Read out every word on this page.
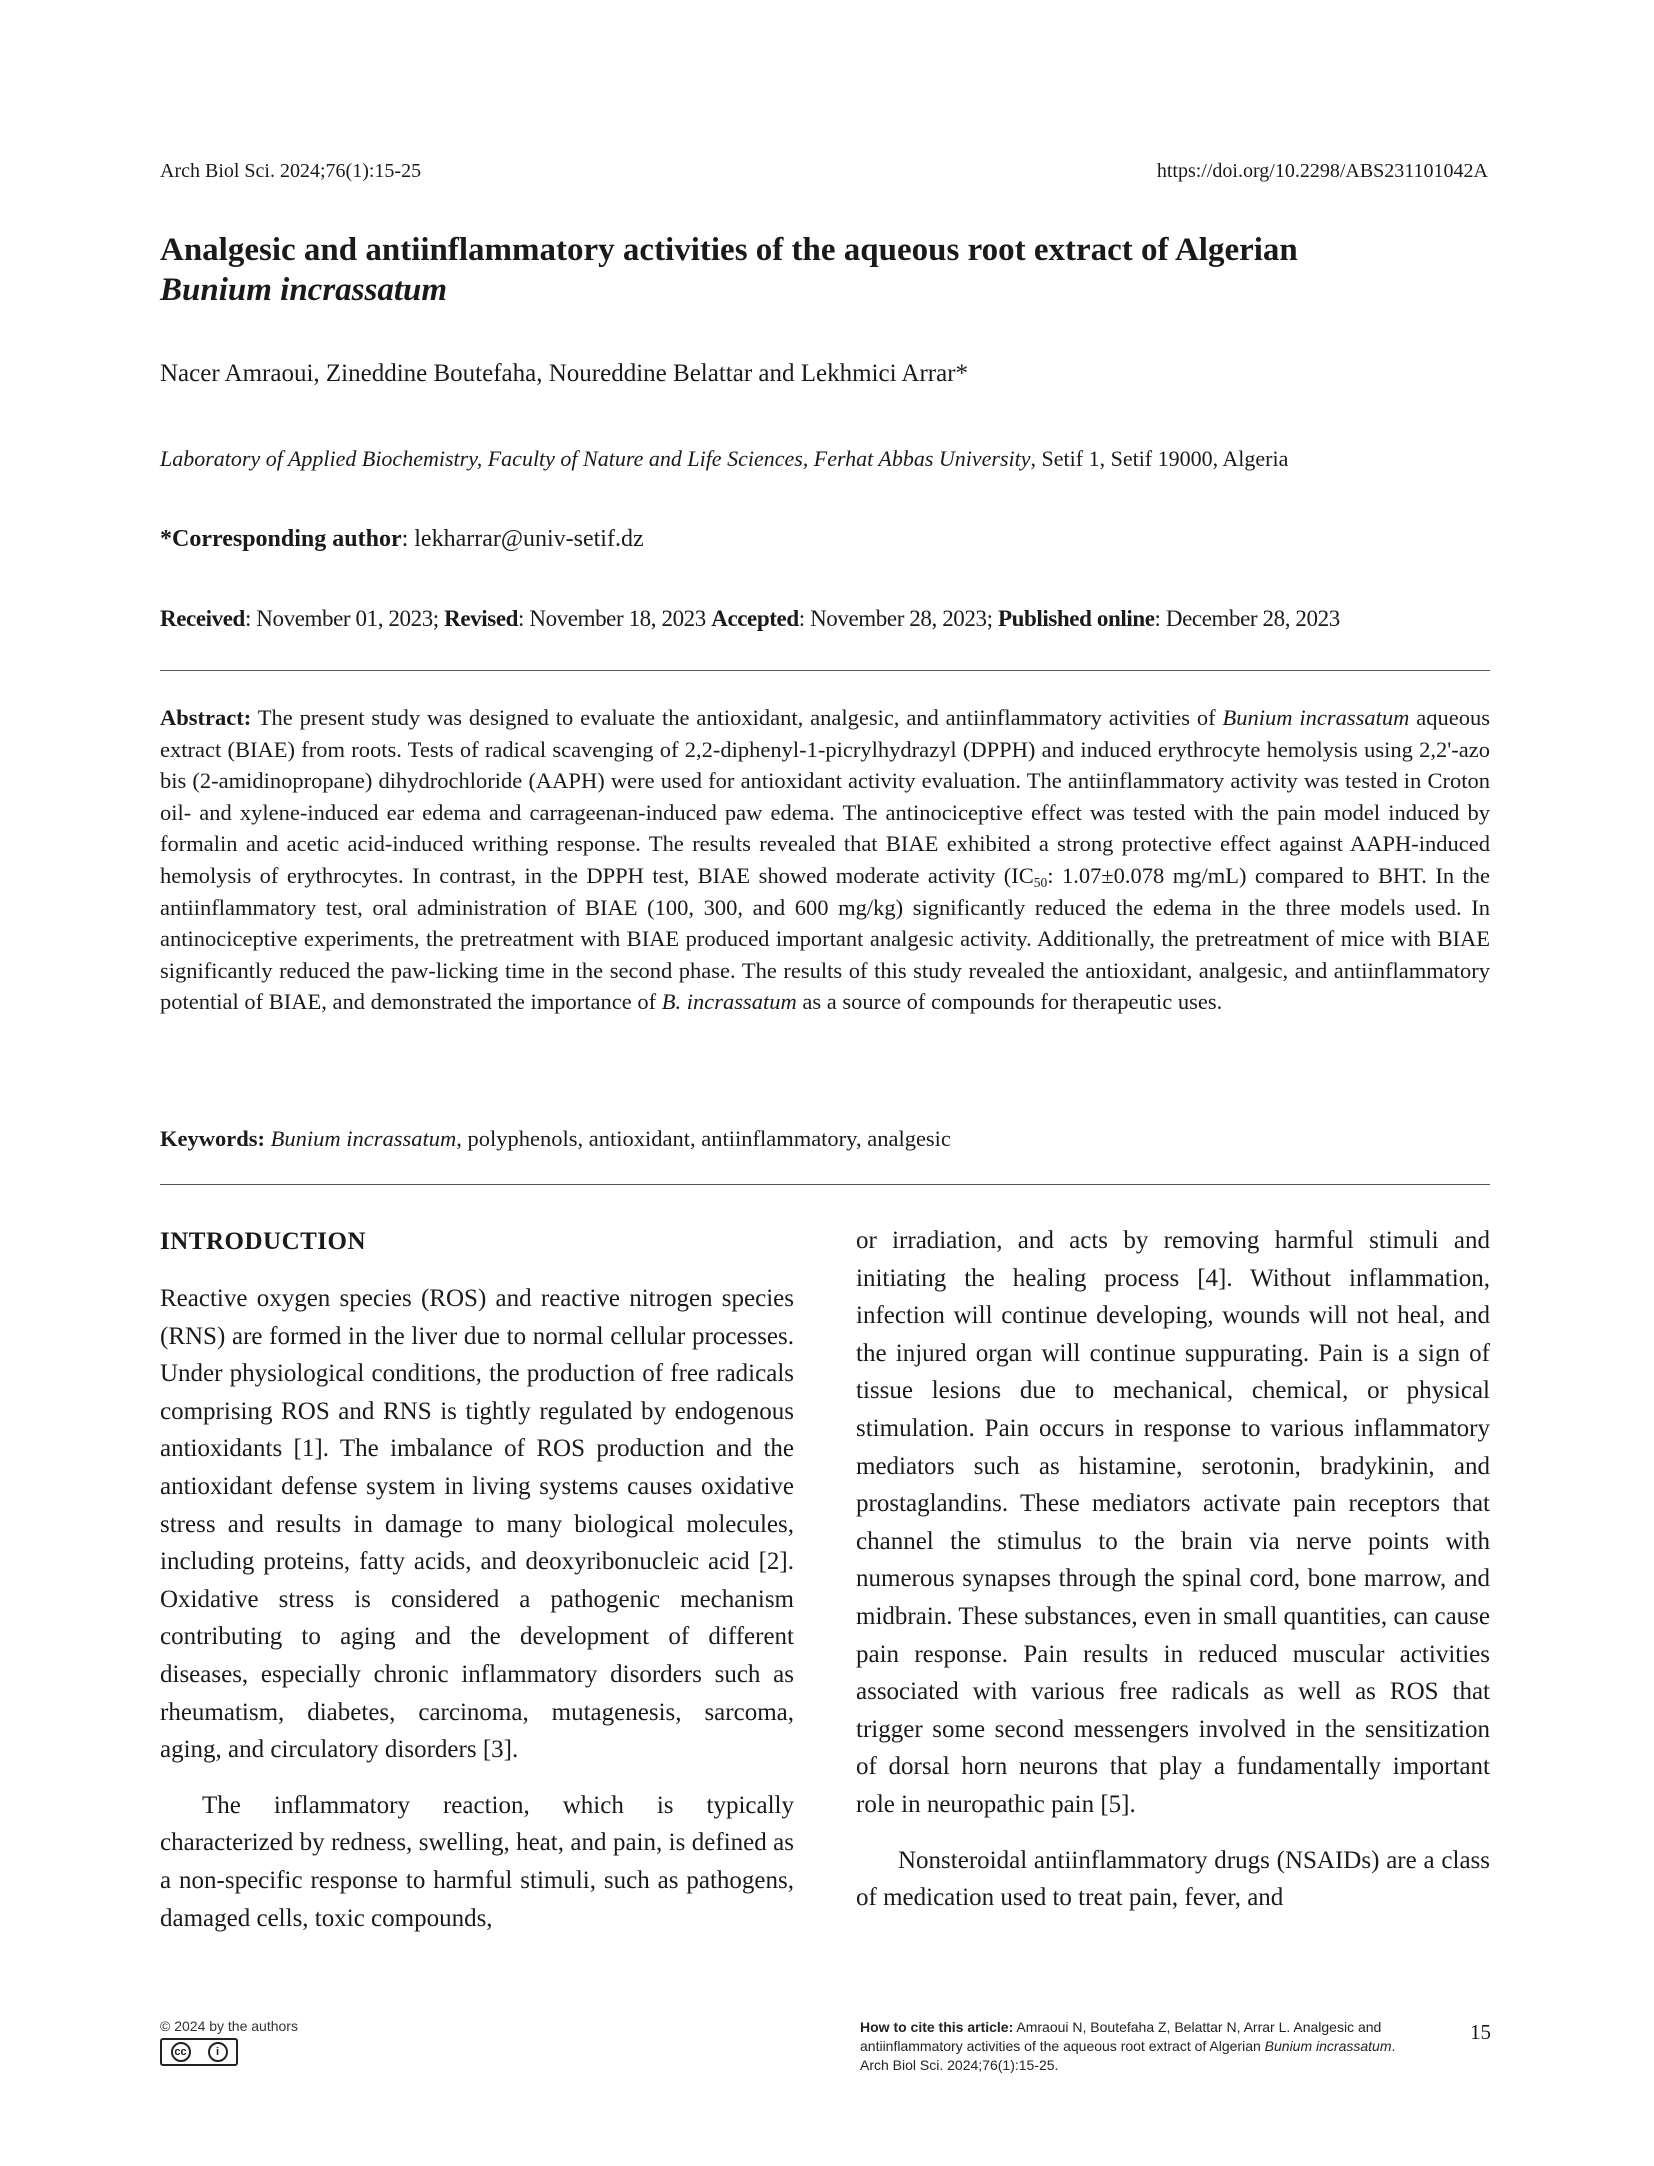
Arch Biol Sci. 2024;76(1):15-25	https://doi.org/10.2298/ABS231101042A
Analgesic and antiinflammatory activities of the aqueous root extract of Algerian
Bunium incrassatum
Nacer Amraoui, Zineddine Boutefaha, Noureddine Belattar and Lekhmici Arrar*
Laboratory of Applied Biochemistry, Faculty of Nature and Life Sciences, Ferhat Abbas University, Setif 1, Setif 19000, Algeria
*Corresponding author: lekharrar@univ-setif.dz
Received: November 01, 2023; Revised: November 18, 2023 Accepted: November 28, 2023; Published online: December 28, 2023
Abstract: The present study was designed to evaluate the antioxidant, analgesic, and antiinflammatory activities of Bunium incrassatum aqueous extract (BIAE) from roots. Tests of radical scavenging of 2,2-diphenyl-1-picrylhydrazyl (DPPH) and induced erythrocyte hemolysis using 2,2'-azo bis (2-amidinopropane) dihydrochloride (AAPH) were used for antioxidant activity evaluation. The antiinflammatory activity was tested in Croton oil- and xylene-induced ear edema and carrageenan-induced paw edema. The antinociceptive effect was tested with the pain model induced by formalin and acetic acid-induced writhing response. The results revealed that BIAE exhibited a strong protective effect against AAPH-induced hemolysis of erythrocytes. In contrast, in the DPPH test, BIAE showed moderate activity ($IC_{50}$: 1.07±0.078 mg/mL) compared to BHT. In the antiinflammatory test, oral administration of BIAE (100, 300, and 600 mg/kg) significantly reduced the edema in the three models used. In antinociceptive experiments, the pretreatment with BIAE produced important analgesic activity. Additionally, the pretreatment of mice with BIAE significantly reduced the paw-licking time in the second phase. The results of this study revealed the antioxidant, analgesic, and antiinflammatory potential of BIAE, and demonstrated the importance of B. incrassatum as a source of compounds for therapeutic uses.
Keywords: Bunium incrassatum, polyphenols, antioxidant, antiinflammatory, analgesic
INTRODUCTION

Reactive oxygen species (ROS) and reactive nitrogen species (RNS) are formed in the liver due to normal cellular processes. Under physiological conditions, the production of free radicals comprising ROS and RNS is tightly regulated by endogenous antioxidants [1]. The imbalance of ROS production and the antioxidant defense system in living systems causes oxidative stress and results in damage to many biological molecules, including proteins, fatty acids, and deoxyribonucleic acid [2]. Oxidative stress is considered a pathogenic mechanism contributing to aging and the development of different diseases, especially chronic inflammatory disorders such as rheumatism, diabetes, carcinoma, mutagenesis, sarcoma, aging, and circulatory disorders [3].

The inflammatory reaction, which is typically characterized by redness, swelling, heat, and pain, is defined as a non-specific response to harmful stimuli, such as pathogens, damaged cells, toxic compounds,

or irradiation, and acts by removing harmful stimuli and initiating the healing process [4]. Without inflammation, infection will continue developing, wounds will not heal, and the injured organ will continue suppurating. Pain is a sign of tissue lesions due to mechanical, chemical, or physical stimulation. Pain occurs in response to various inflammatory mediators such as histamine, serotonin, bradykinin, and prostaglandins. These mediators activate pain receptors that channel the stimulus to the brain via nerve points with numerous synapses through the spinal cord, bone marrow, and midbrain. These substances, even in small quantities, can cause pain response. Pain results in reduced muscular activities associated with various free radicals as well as ROS that trigger some second messengers involved in the sensitization of dorsal horn neurons that play a fundamentally important role in neuropathic pain [5].

Nonsteroidal antiinflammatory drugs (NSAIDs) are a class of medication used to treat pain, fever, and

© 2024 by the authors
cc	i
How to cite this article: Amraoui N, Boutefaha Z, Belattar N, Arrar L. Analgesic and antiinflammatory activities of the aqueous root extract of Algerian Bunium incrassatum. Arch Biol Sci. 2024;76(1):15-25.
15
